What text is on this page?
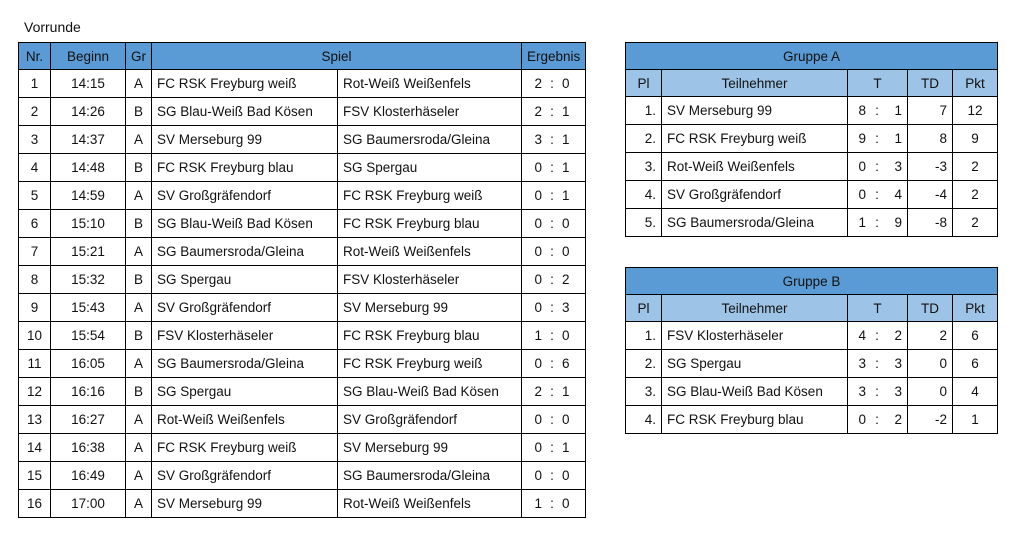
Vorrunde
Nr.	Beginn	Gr	Spiel		Ergebnis
1	14:15	A	FC RSK Freyburg weiß	Rot-Weiß Weißenfels	2 : 0
2	14:26	B	SG Blau-Weiß Bad Kösen	FSV Klosterhäseler	2 : 1
3	14:37	A	SV Merseburg 99	SG Baumersroda/Gleina	3 : 1
4	14:48	B	FC RSK Freyburg blau	SG Spergau	0 : 1
5	14:59	A	SV Großgräfendorf	FC RSK Freyburg weiß	0 : 1
6	15:10	B	SG Blau-Weiß Bad Kösen	FC RSK Freyburg blau	0 : 0
7	15:21	A	SG Baumersroda/Gleina	Rot-Weiß Weißenfels	0 : 0
8	15:32	B	SG Spergau	FSV Klosterhäseler	0 : 2
9	15:43	A	SV Großgräfendorf	SV Merseburg 99	0 : 3
10	15:54	B	FSV Klosterhäseler	FC RSK Freyburg blau	1 : 0
11	16:05	A	SG Baumersroda/Gleina	FC RSK Freyburg weiß	0 : 6
12	16:16	B	SG Spergau	SG Blau-Weiß Bad Kösen	2 : 1
13	16:27	A	Rot-Weiß Weißenfels	SV Großgräfendorf	0 : 0
14	16:38	A	FC RSK Freyburg weiß	SV Merseburg 99	0 : 1
15	16:49	A	SV Großgräfendorf	SG Baumersroda/Gleina	0 : 0
16	17:00	A	SV Merseburg 99	Rot-Weiß Weißenfels	1 : 0
Gruppe A				
Pl	Teilnehmer	T	TD	Pkt
1.	SV Merseburg 99	8 : 1	7	12
2.	FC RSK Freyburg weiß	9 : 1	8	9
3.	Rot-Weiß Weißenfels	0 : 3	-3	2
4.	SV Großgräfendorf	0 : 4	-4	2
5.	SG Baumersroda/Gleina	1 : 9	-8	2
Gruppe B				
Pl	Teilnehmer	T	TD	Pkt
1.	FSV Klosterhäseler	4 : 2	2	6
2.	SG Spergau	3 : 3	0	6
3.	SG Blau-Weiß Bad Kösen	3 : 3	0	4
4.	FC RSK Freyburg blau	0 : 2	-2	1
